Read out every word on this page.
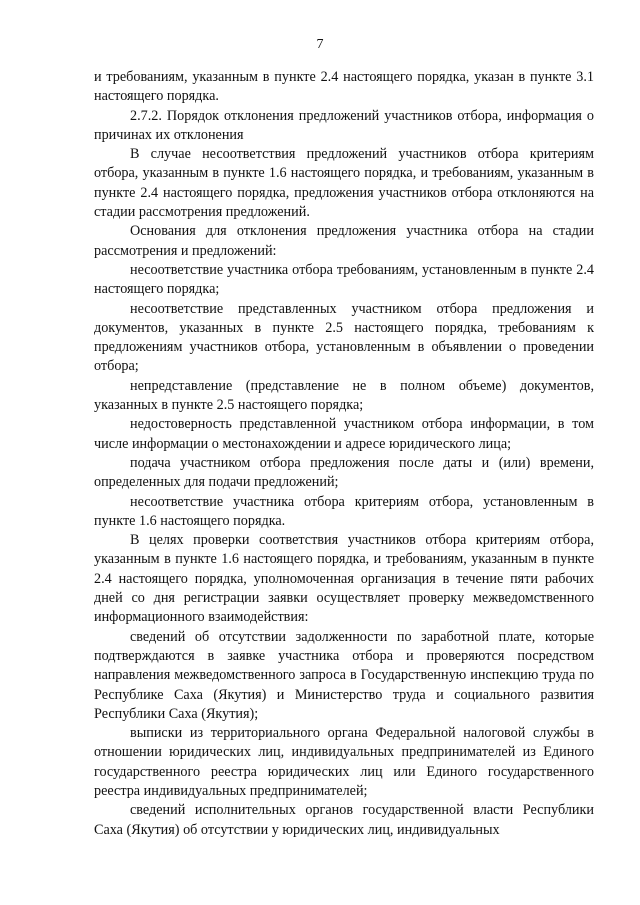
7

и требованиям, указанным в пункте 2.4 настоящего порядка, указан в пункте 3.1 настоящего порядка.

2.7.2. Порядок отклонения предложений участников отбора, информация о причинах их отклонения

В случае несоответствия предложений участников отбора критериям отбора, указанным в пункте 1.6 настоящего порядка, и требованиям, указанным в пункте 2.4 настоящего порядка, предложения участников отбора отклоняются на стадии рассмотрения предложений.

Основания для отклонения предложения участника отбора на стадии рассмотрения и предложений:

несоответствие участника отбора требованиям, установленным в пункте 2.4 настоящего порядка;

несоответствие представленных участником отбора предложения и документов, указанных в пункте 2.5 настоящего порядка, требованиям к предложениям участников отбора, установленным в объявлении о проведении отбора;

непредставление (представление не в полном объеме) документов, указанных в пункте 2.5 настоящего порядка;

недостоверность представленной участником отбора информации, в том числе информации о местонахождении и адресе юридического лица;

подача участником отбора предложения после даты и (или) времени, определенных для подачи предложений;

несоответствие участника отбора критериям отбора, установленным в пункте 1.6 настоящего порядка.

В целях проверки соответствия участников отбора критериям отбора, указанным в пункте 1.6 настоящего порядка, и требованиям, указанным в пункте 2.4 настоящего порядка, уполномоченная организация в течение пяти рабочих дней со дня регистрации заявки осуществляет проверку межведомственного информационного взаимодействия:

сведений об отсутствии задолженности по заработной плате, которые подтверждаются в заявке участника отбора и проверяются посредством направления межведомственного запроса в Государственную инспекцию труда по Республике Саха (Якутия) и Министерство труда и социального развития Республики Саха (Якутия);

выписки из территориального органа Федеральной налоговой службы в отношении юридических лиц, индивидуальных предпринимателей из Единого государственного реестра юридических лиц или Единого государственного реестра индивидуальных предпринимателей;

сведений исполнительных органов государственной власти Республики Саха (Якутия) об отсутствии у юридических лиц, индивидуальных
